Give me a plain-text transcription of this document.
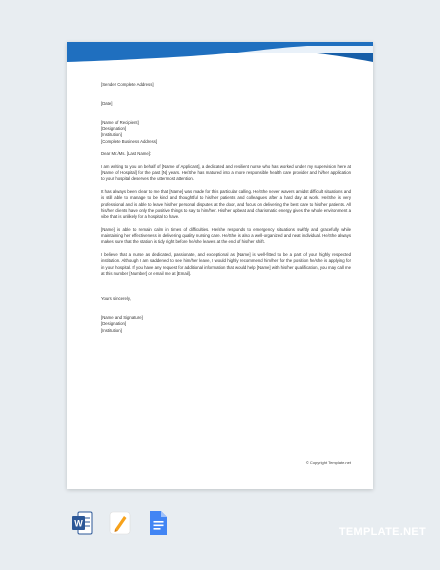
[Sender Complete Address]

[Date]

[Name of Recipient]

[Designation]

[Institution]

[Complete Business Address]

Dear Mr./Ms. [Last Name]:

I am writing to you on behalf of [Name of Applicant], a dedicated and resilient nurse who has worked under my supervision here at [Name of Hospital] for the past [N] years. He/She has matured into a more responsible health care provider and hi/her application to your hospital deserves the uttermost attention.

It has always been clear to me that [Name] was made for this particular calling. He/She never wavers amidst difficult situations and is still able to manage to be kind and thoughtful to his/her patients and colleagues after a hard day at work. He/She is very professional and is able to leave his/her personal disputes at the door, and focus on delivering the best care to his/her patients. All his/her clients have only the positive things to say to him/her. His/her upbeat and charismatic energy gives the whole environment a vibe that is unlikely for a hospital to have.

[Name] is able to remain calm in times of difficulties. He/she responds to emergency situations swiftly and gracefully while maintaining her effectiveness in delivering quality nursing care. He/She is also a well-organized and neat individual. He/She always makes sure that the station is tidy right before he/she leaves at the end of his/her shift.

I believe that a nurse as dedicated, passionate, and exceptional as [Name] is well-fitted to be a part of your highly respected institution. Although I am saddened to see him/her leave, I would highly recommend him/her for the position he/she is applying for in your hospital. If you have any request for additional information that would help [Name] with his/her qualification, you may call me at this number [Number] or email me at [Email].

Yours sincerely,

[Name and Signature]

[Designation]

[Institution]

© Copyright Template.net
W
TEMPLATE.NET
